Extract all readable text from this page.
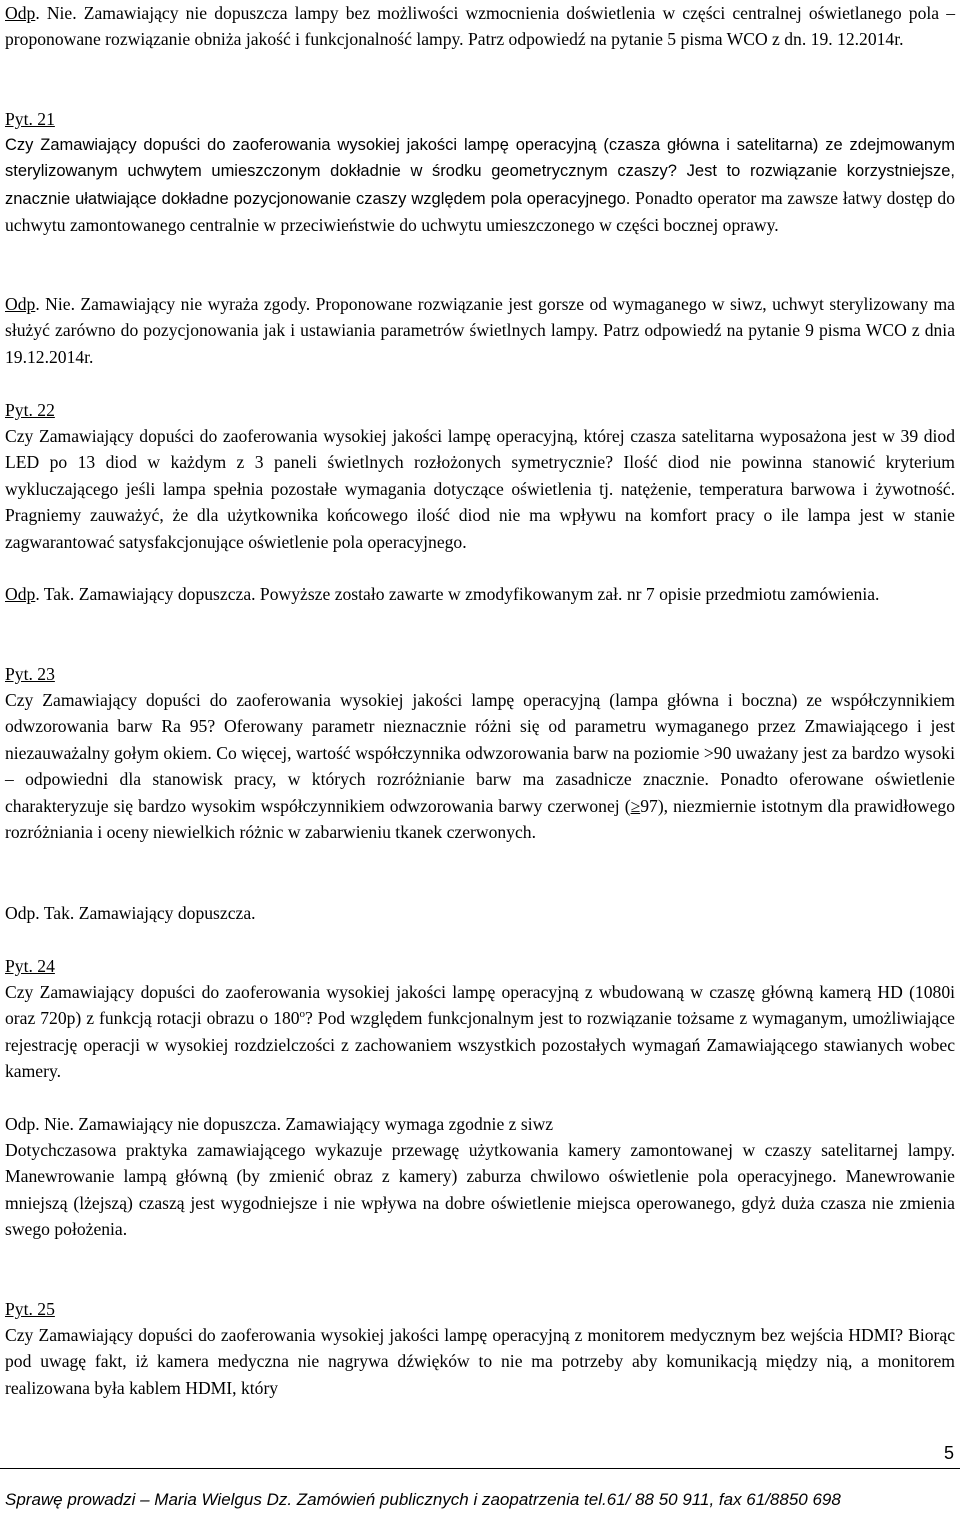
Odp. Nie. Zamawiający nie dopuszcza lampy bez możliwości wzmocnienia doświetlenia w części centralnej oświetlanego pola – proponowane rozwiązanie obniża jakość i funkcjonalność lampy. Patrz odpowiedź na pytanie 5 pisma WCO z dn. 19. 12.2014r.

Pyt. 21

Czy Zamawiający dopuści do zaoferowania wysokiej jakości lampę operacyjną (czasza główna i satelitarna) ze zdejmowanym sterylizowanym uchwytem umieszczonym dokładnie w środku geometrycznym czaszy? Jest to rozwiązanie korzystniejsze, znacznie ułatwiające dokładne pozycjonowanie czaszy względem pola operacyjnego. Ponadto operator ma zawsze łatwy dostęp do uchwytu zamontowanego centralnie w przeciwieństwie do uchwytu umieszczonego w części bocznej oprawy.

Odp. Nie. Zamawiający nie wyraża zgody. Proponowane rozwiązanie jest gorsze od wymaganego w siwz, uchwyt sterylizowany ma służyć zarówno do pozycjonowania jak i ustawiania parametrów świetlnych lampy. Patrz odpowiedź na pytanie 9 pisma WCO z dnia 19.12.2014r.

Pyt. 22

Czy Zamawiający dopuści do zaoferowania wysokiej jakości lampę operacyjną, której czasza satelitarna wyposażona jest w 39 diod LED po 13 diod w każdym z 3 paneli świetlnych rozłożonych symetrycznie? Ilość diod nie powinna stanowić kryterium wykluczającego jeśli lampa spełnia pozostałe wymagania dotyczące oświetlenia tj. natężenie, temperatura barwowa i żywotność. Pragniemy zauważyć, że dla użytkownika końcowego ilość diod nie ma wpływu na komfort pracy o ile lampa jest w stanie zagwarantować satysfakcjonujące oświetlenie pola operacyjnego.

Odp. Tak. Zamawiający dopuszcza. Powyższe zostało zawarte w zmodyfikowanym zał. nr 7 opisie przedmiotu zamówienia.

Pyt. 23

Czy Zamawiający dopuści do zaoferowania wysokiej jakości lampę operacyjną (lampa główna i boczna) ze współczynnikiem odwzorowania barw Ra 95? Oferowany parametr nieznacznie różni się od parametru wymaganego przez Zmawiającego i jest niezauważalny gołym okiem. Co więcej, wartość współczynnika odwzorowania barw na poziomie >90 uważany jest za bardzo wysoki – odpowiedni dla stanowisk pracy, w których rozróżnianie barw ma zasadnicze znacznie. Ponadto oferowane oświetlenie charakteryzuje się bardzo wysokim współczynnikiem odwzorowania barwy czerwonej (≥97), niezmiernie istotnym dla prawidłowego rozróżniania i oceny niewielkich różnic w zabarwieniu tkanek czerwonych.

Odp. Tak. Zamawiający dopuszcza.

Pyt. 24

Czy Zamawiający dopuści do zaoferowania wysokiej jakości lampę operacyjną z wbudowaną w czaszę główną kamerą HD (1080i oraz 720p) z funkcją rotacji obrazu o 180$^o$? Pod względem funkcjonalnym jest to rozwiązanie tożsame z wymaganym, umożliwiające rejestrację operacji w wysokiej rozdzielczości z zachowaniem wszystkich pozostałych wymagań Zamawiającego stawianych wobec kamery.

Odp. Nie. Zamawiający nie dopuszcza. Zamawiający wymaga zgodnie z siwz

Dotychczasowa praktyka zamawiającego wykazuje przewagę użytkowania kamery zamontowanej w czaszy satelitarnej lampy. Manewrowanie lampą główną (by zmienić obraz z kamery) zaburza chwilowo oświetlenie pola operacyjnego. Manewrowanie mniejszą (lżejszą) czaszą jest wygodniejsze i nie wpływa na dobre oświetlenie miejsca operowanego, gdyż duża czasza nie zmienia swego położenia.

Pyt. 25

Czy Zamawiający dopuści do zaoferowania wysokiej jakości lampę operacyjną z monitorem medycznym bez wejścia HDMI? Biorąc pod uwagę fakt, iż kamera medyczna nie nagrywa dźwięków to nie ma potrzeby aby komunikacją między nią, a monitorem realizowana była kablem HDMI, który

5
Sprawę prowadzi – Maria Wielgus Dz. Zamówień publicznych i zaopatrzenia tel.61/ 88 50 911, fax 61/8850 698
